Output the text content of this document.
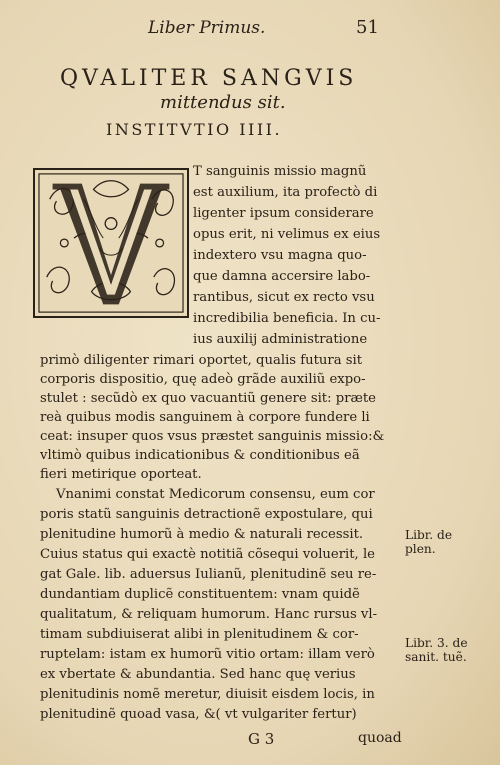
Liber Primus.	51
QVALITER SANGVIS
mittendus sit.
INSTITVTIO IIII.
T sanguinis missio magnũ
est auxilium, ita profectò di
ligenter ipsum considerare
opus erit, ni velimus ex eius
indextero vsu magna quo-
que damna accersire labo-
rantibus, sicut ex recto vsu
incredibilia beneficia. In cu-
ius auxilij administratione
primò diligenter rimari oportet, qualis futura sit
corporis dispositio, quę adeò grãde auxiliũ expo-
stulet : secũdò ex quo vacuantiũ genere sit: præte
reà quibus modis sanguinem à corpore fundere li
ceat: insuper quos vsus præstet sanguinis missio:&
vltimò quibus indicationibus & conditionibus eã
fieri metirique oporteat.
Vnanimi constat Medicorum consensu, eum cor
poris statũ sanguinis detractionẽ expostulare, qui
plenitudine humorũ à medio & naturali recessit.
Cuius status qui exactè notitiã cõsequi voluerit, le
gat Gale. lib. aduersus Iulianũ, plenitudinẽ seu re-
dundantiam duplicẽ constituentem: vnam quidẽ
qualitatum, & reliquam humorum. Hanc rursus vl-
timam subdiuiserat alibi in plenitudinem & cor-
ruptelam: istam ex humorũ vitio ortam: illam verò
ex vbertate & abundantia. Sed hanc quę verius
plenitudinis nomẽ meretur, diuisit eisdem locis, in
plenitudinẽ quoad vasa, &( vt vulgariter fertur)
Libr. de
plen.
Libr. 3. de
sanit. tuẽ.
G 3	quoad
